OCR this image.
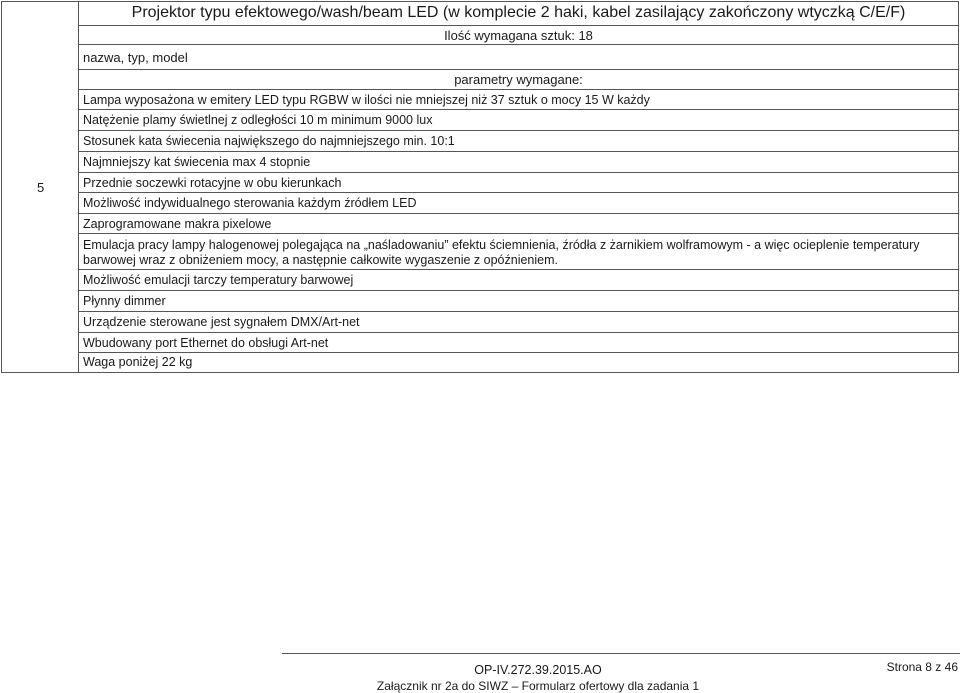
5
Projektor typu efektowego/wash/beam LED (w komplecie 2 haki, kabel zasilający zakończony wtyczką C/E/F)
Ilość wymagana sztuk: 18
nazwa, typ, model
parametry wymagane:
Lampa wyposażona w emitery LED typu RGBW w ilości nie mniejszej niż 37 sztuk o mocy 15 W każdy
Natężenie plamy świetlnej z odległości 10 m minimum 9000 lux
Stosunek kata świecenia największego do najmniejszego min. 10:1
Najmniejszy kat świecenia max 4 stopnie
Przednie soczewki rotacyjne w obu kierunkach
Możliwość indywidualnego sterowania każdym źródłem LED
Zaprogramowane makra pixelowe
Emulacja pracy lampy halogenowej polegająca na „naśladowaniu” efektu ściemnienia, źródła z żarnikiem wolframowym - a więc ocieplenie temperatury barwowej wraz z obniżeniem mocy, a następnie całkowite wygaszenie z opóźnieniem.
Możliwość emulacji tarczy temperatury barwowej
Płynny dimmer
Urządzenie sterowane jest sygnałem DMX/Art-net
Wbudowany port Ethernet do obsługi Art-net
Waga poniżej 22 kg
OP-IV.272.39.2015.AO
Załącznik nr 2a do SIWZ – Formularz ofertowy dla zadania 1
Strona 8 z 46
